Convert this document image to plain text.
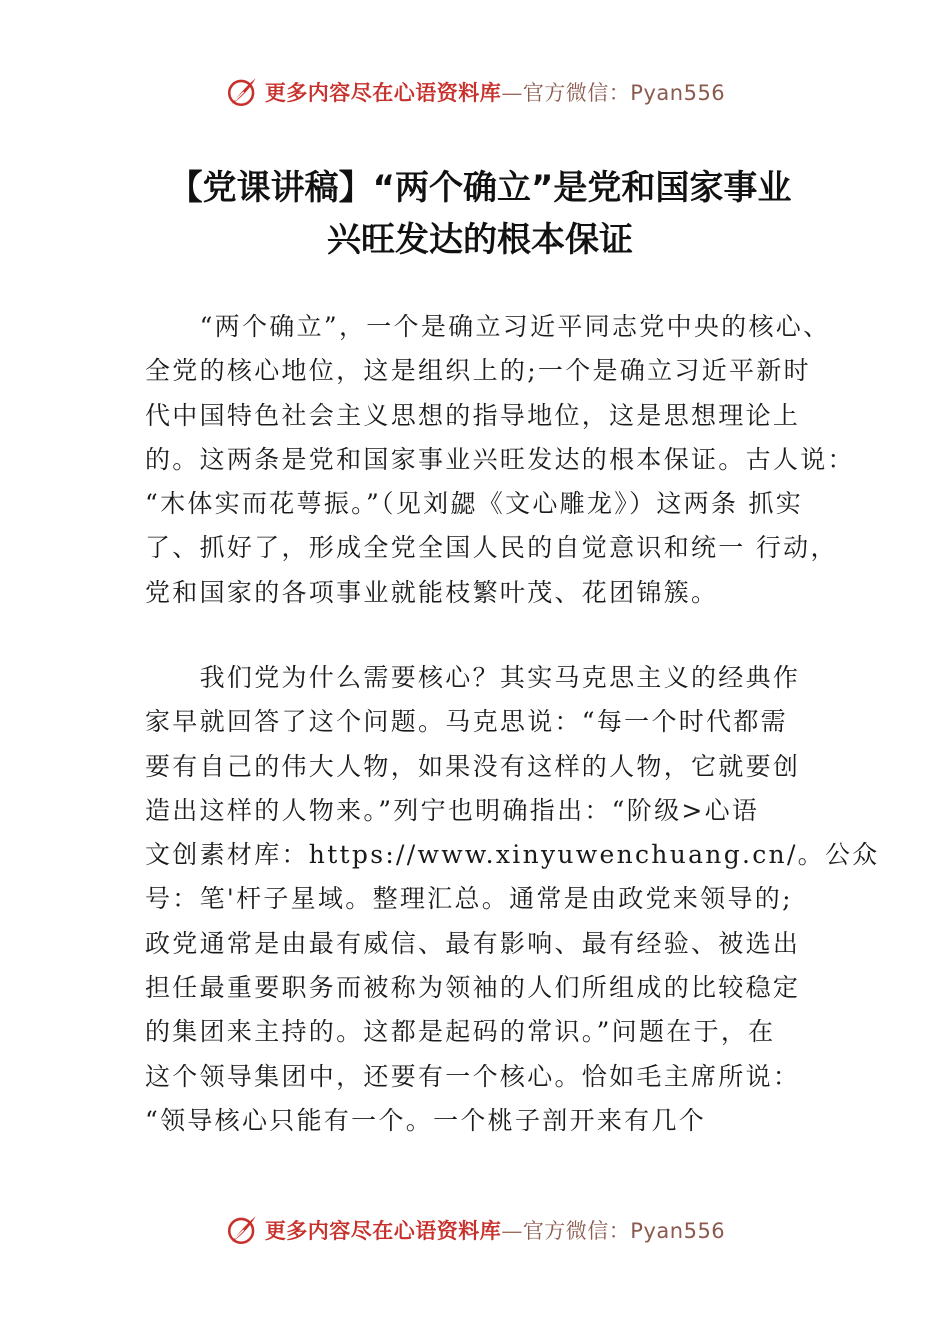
更多内容尽在心语资料库—官方微信：Pyan556
【党课讲稿】“两个确立”是党和国家事业
兴旺发达的根本保证
　　“两个确立”，一个是确立习近平同志党中央的核心、
全党的核心地位，这是组织上的;一个是确立习近平新时
代中国特色社会主义思想的指导地位，这是思想理论上
的。这两条是党和国家事业兴旺发达的根本保证。古人说：
“木体实而花萼振。”（见刘勰《文心雕龙》）这两条 抓实
了、抓好了，形成全党全国人民的自觉意识和统一 行动，
党和国家的各项事业就能枝繁叶茂、花团锦簇。
　　我们党为什么需要核心？其实马克思主义的经典作
家早就回答了这个问题。马克思说：“每一个时代都需
要有自己的伟大人物，如果没有这样的人物，它就要创
造出这样的人物来。”列宁也明确指出：“阶级>心语
文创素材库：https://www.xinyuwenchuang.cn/。公众
号：笔'杆子星域。整理汇总。通常是由政党来领导的;
政党通常是由最有威信、最有影响、最有经验、被选出
担任最重要职务而被称为领袖的人们所组成的比较稳定
的集团来主持的。这都是起码的常识。”问题在于，在
这个领导集团中，还要有一个核心。恰如毛主席所说：
“领导核心只能有一个。一个桃子剖开来有几个
更多内容尽在心语资料库—官方微信：Pyan556
